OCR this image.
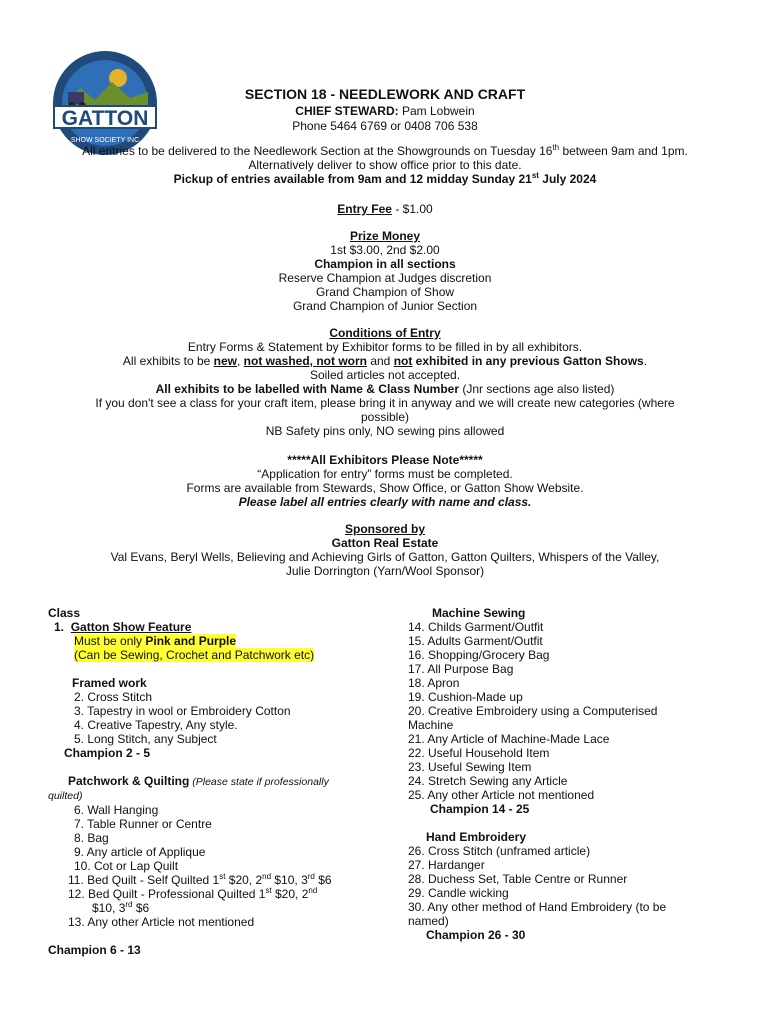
GATTON
SHOW SOCIETY INC
SECTION 18 - NEEDLEWORK AND CRAFT
CHIEF STEWARD: Pam Lobwein
Phone 5464 6769 or 0408 706 538

All entries to be delivered to the Needlework Section at the Showgrounds on Tuesday 16th between 9am and 1pm.

Alternatively deliver to show office prior to this date.

Pickup of entries available from 9am and 12 midday Sunday 21st July 2024

Entry Fee - $1.00

Prize Money

1st $3.00, 2nd $2.00

Champion in all sections

Reserve Champion at Judges discretion

Grand Champion of Show

Grand Champion of Junior Section

Conditions of Entry

Entry Forms & Statement by Exhibitor forms to be filled in by all exhibitors.

All exhibits to be new, not washed, not worn and not exhibited in any previous Gatton Shows.

Soiled articles not accepted.

All exhibits to be labelled with Name & Class Number (Jnr sections age also listed)

If you don't see a class for your craft item, please bring it in anyway and we will create new categories (where

possible)

NB Safety pins only, NO sewing pins allowed

*****All Exhibitors Please Note*****

“Application for entry” forms must be completed.

Forms are available from Stewards, Show Office, or Gatton Show Website.

Please label all entries clearly with name and class.

Sponsored by

Gatton Real Estate

Val Evans, Beryl Wells, Believing and Achieving Girls of Gatton, Gatton Quilters, Whispers of the Valley,

Julie Dorrington (Yarn/Wool Sponsor)

Class

1. Gatton Show Feature

Must be only Pink and Purple

(Can be Sewing, Crochet and Patchwork etc)

Framed work

2. Cross Stitch

3. Tapestry in wool or Embroidery Cotton

4. Creative Tapestry, Any style.

5. Long Stitch, any Subject

Champion 2 - 5

Patchwork & Quilting (Please state if professionally

quilted)

6. Wall Hanging

7. Table Runner or Centre

8. Bag

9. Any article of Applique

10. Cot or Lap Quilt

11. Bed Quilt - Self Quilted 1st $20, 2nd $10, 3rd $6

12. Bed Quilt - Professional Quilted 1st $20, 2nd

$10, 3rd $6

13. Any other Article not mentioned

Champion 6 - 13

Machine Sewing

14. Childs Garment/Outfit

15. Adults Garment/Outfit

16. Shopping/Grocery Bag

17. All Purpose Bag

18. Apron

19. Cushion-Made up

20. Creative Embroidery using a Computerised

Machine

21. Any Article of Machine-Made Lace

22. Useful Household Item

23. Useful Sewing Item

24. Stretch Sewing any Article

25. Any other Article not mentioned

Champion 14 - 25

Hand Embroidery

26. Cross Stitch (unframed article)

27. Hardanger

28. Duchess Set, Table Centre or Runner

29. Candle wicking

30. Any other method of Hand Embroidery (to be

named)

Champion 26 - 30
